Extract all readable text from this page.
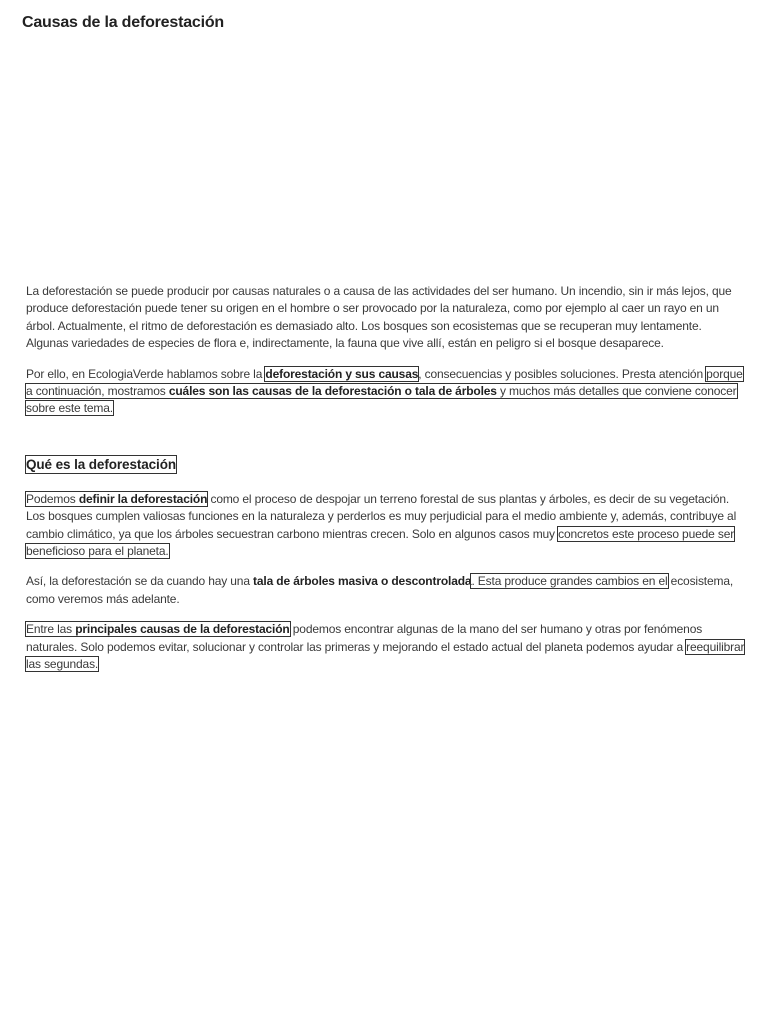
Causas de la deforestación

La deforestación se puede producir por causas naturales o a causa de las actividades del ser humano. Un incendio, sin ir más lejos, que produce deforestación puede tener su origen en el hombre o ser provocado por la naturaleza, como por ejemplo al caer un rayo en un árbol. Actualmente, el ritmo de deforestación es demasiado alto. Los bosques son ecosistemas que se recuperan muy lentamente. Algunas variedades de especies de flora e, indirectamente, la fauna que vive allí, están en peligro si el bosque desaparece.

Por ello, en EcologiaVerde hablamos sobre la deforestación y sus causas, consecuencias y posibles soluciones. Presta atención porque a continuación, mostramos cuáles son las causas de la deforestación o tala de árboles y muchos más detalles que conviene conocer sobre este tema.

Qué es la deforestación

Podemos definir la deforestación como el proceso de despojar un terreno forestal de sus plantas y árboles, es decir de su vegetación. Los bosques cumplen valiosas funciones en la naturaleza y perderlos es muy perjudicial para el medio ambiente y, además, contribuye al cambio climático, ya que los árboles secuestran carbono mientras crecen. Solo en algunos casos muy concretos este proceso puede ser beneficioso para el planeta.

Así, la deforestación se da cuando hay una tala de árboles masiva o descontrolada. Esta produce grandes cambios en el ecosistema, como veremos más adelante.

Entre las principales causas de la deforestación podemos encontrar algunas de la mano del ser humano y otras por fenómenos naturales. Solo podemos evitar, solucionar y controlar las primeras y mejorando el estado actual del planeta podemos ayudar a reequilibrar las segundas.
